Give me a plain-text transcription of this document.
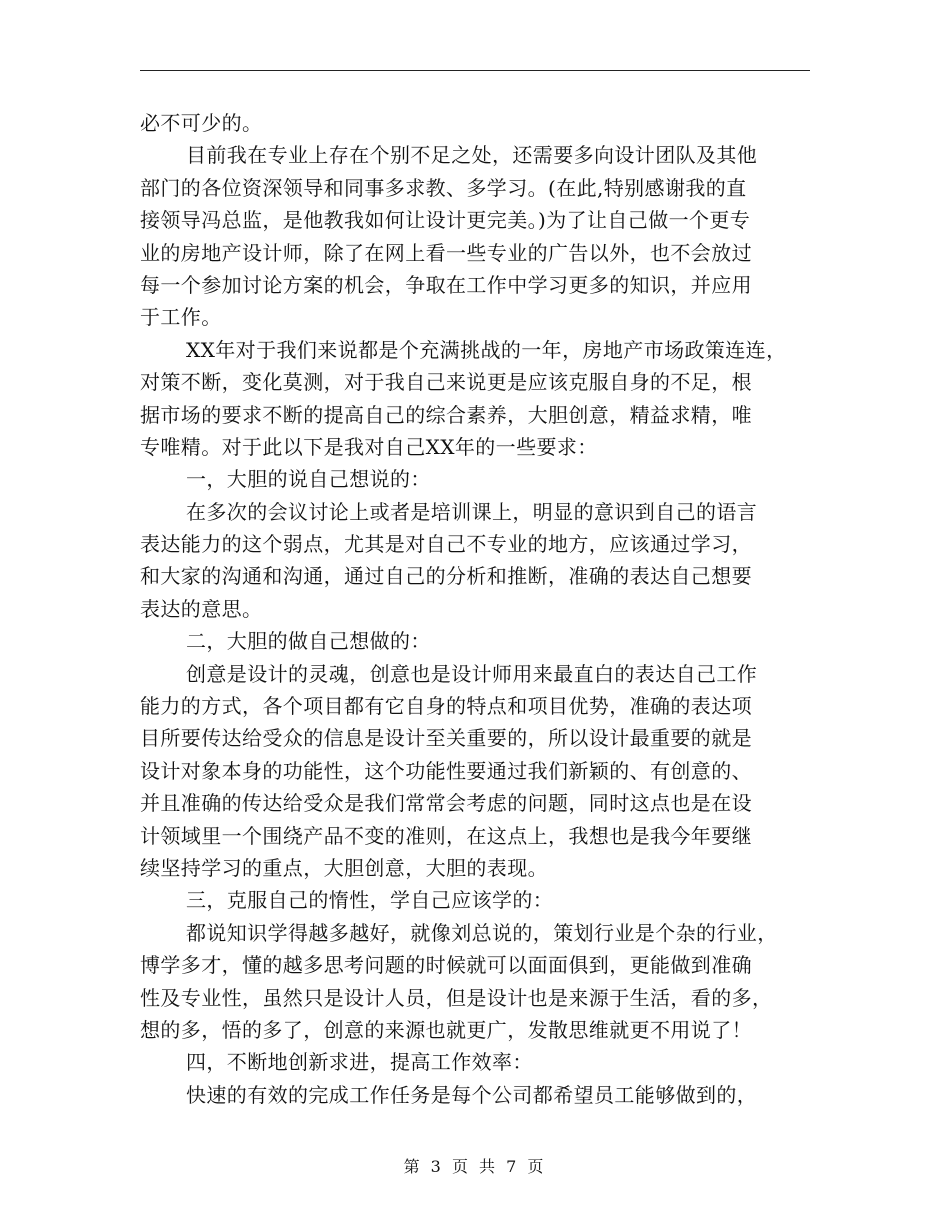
必不可少的。
目前我在专业上存在个别不足之处，还需要多向设计团队及其他
部门的各位资深领导和同事多求教、多学习。(在此,特别感谢我的直
接领导冯总监，是他教我如何让设计更完美。)为了让自己做一个更专
业的房地产设计师，除了在网上看一些专业的广告以外，也不会放过
每一个参加讨论方案的机会，争取在工作中学习更多的知识，并应用
于工作。
XX年对于我们来说都是个充满挑战的一年，房地产市场政策连连，
对策不断，变化莫测，对于我自己来说更是应该克服自身的不足，根
据市场的要求不断的提高自己的综合素养，大胆创意，精益求精，唯
专唯精。对于此以下是我对自己XX年的一些要求：
一，大胆的说自己想说的：
在多次的会议讨论上或者是培训课上，明显的意识到自己的语言
表达能力的这个弱点，尤其是对自己不专业的地方，应该通过学习，
和大家的沟通和沟通，通过自己的分析和推断，准确的表达自己想要
表达的意思。
二，大胆的做自己想做的：
创意是设计的灵魂，创意也是设计师用来最直白的表达自己工作
能力的方式，各个项目都有它自身的特点和项目优势，准确的表达项
目所要传达给受众的信息是设计至关重要的，所以设计最重要的就是
设计对象本身的功能性，这个功能性要通过我们新颖的、有创意的、
并且准确的传达给受众是我们常常会考虑的问题，同时这点也是在设
计领域里一个围绕产品不变的准则，在这点上，我想也是我今年要继
续坚持学习的重点，大胆创意，大胆的表现。
三，克服自己的惰性，学自己应该学的：
都说知识学得越多越好，就像刘总说的，策划行业是个杂的行业，
博学多才，懂的越多思考问题的时候就可以面面俱到，更能做到准确
性及专业性，虽然只是设计人员，但是设计也是来源于生活，看的多，
想的多，悟的多了，创意的来源也就更广，发散思维就更不用说了！
四，不断地创新求进，提高工作效率：
快速的有效的完成工作任务是每个公司都希望员工能够做到的，
第 3 页 共 7 页
